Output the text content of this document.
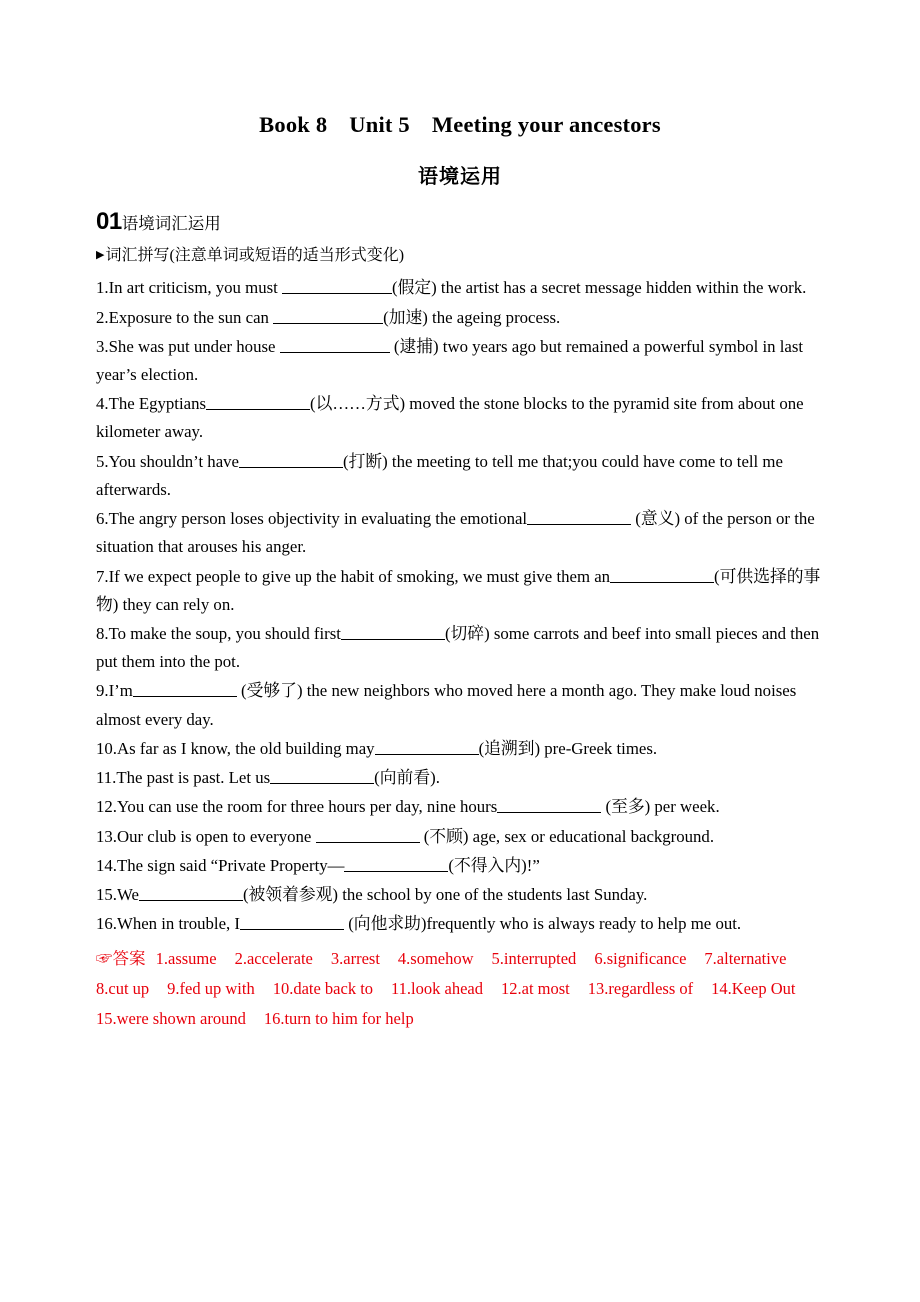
Book 8 Unit 5 Meeting your ancestors
语境运用
01语境词汇运用
▶词汇拼写(注意单词或短语的适当形式变化)

1.In art criticism, you must	(假定) the artist has a secret message hidden within the work.

2.Exposure to the sun can	(加速) the ageing process.

3.She was put under house	(逮捕) two years ago but remained a powerful symbol in last year’s election.

4.The Egyptians	(以……方式) moved the stone blocks to the pyramid site from about one kilometer away.

5.You shouldn’t have	(打断) the meeting to tell me that;you could have come to tell me afterwards.

6.The angry person loses objectivity in evaluating the emotional	(意义) of the person or the situation that arouses his anger.

7.If we expect people to give up the habit of smoking, we must give them an	(可供选择的事物) they can rely on.

8.To make the soup, you should first	(切碎) some carrots and beef into small pieces and then put them into the pot.

9.I’m	(受够了) the new neighbors who moved here a month ago. They make loud noises almost every day.

10.As far as I know, the old building may	(追溯到) pre-Greek times.

11.The past is past. Let us	(向前看).

12.You can use the room for three hours per day, nine hours	(至多) per week.

13.Our club is open to everyone	(不顾) age, sex or educational background.

14.The sign said “Private Property—	(不得入内)!”

15.We	(被领着参观) the school by one of the students last Sunday.

16.When in trouble, I	(向他求助)frequently who is always ready to help me out.

☞答案 1.assume 2.accelerate 3.arrest 4.somehow 5.interrupted 6.significance 7.alternative8.cut up 9.fed up with 10.date back to 11.look ahead 12.at most 13.regardless of 14.Keep Out15.were shown around 16.turn to him for help
